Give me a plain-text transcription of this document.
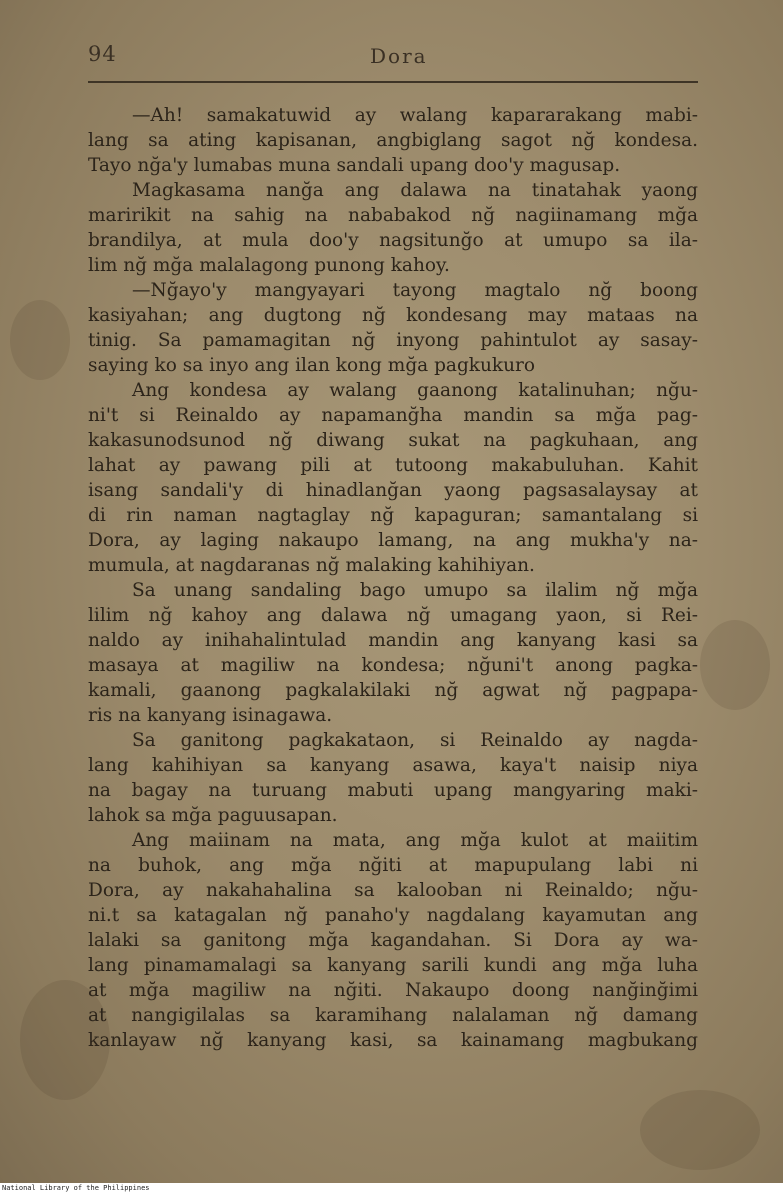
94	Dora
—Ah! samakatuwid ay walang kapararakang mabi-
lang sa ating kapisanan, angbiglang sagot nğ kondesa.
Tayo nğa'y lumabas muna sandali upang doo'y magusap.
Magkasama nanğa ang dalawa na tinatahak yaong
maririkit na sahig na nababakod nğ nagiinamang mğa
brandilya, at mula doo'y nagsitunğo at umupo sa ila-
lim nğ mğa malalagong punong kahoy.
—Nğayo'y mangyayari tayong magtalo nğ boong
kasiyahan; ang dugtong nğ kondesang may mataas na
tinig. Sa pamamagitan nğ inyong pahintulot ay sasay-
saying ko sa inyo ang ilan kong mğa pagkukuro
Ang kondesa ay walang gaanong katalinuhan; nğu-
ni't si Reinaldo ay napamanğha mandin sa mğa pag-
kakasunodsunod nğ diwang sukat na pagkuhaan, ang
lahat ay pawang pili at tutoong makabuluhan. Kahit
isang sandali'y di hinadlanğan yaong pagsasalaysay at
di rin naman nagtaglay nğ kapaguran; samantalang si
Dora, ay laging nakaupo lamang, na ang mukha'y na-
mumula, at nagdaranas nğ malaking kahihiyan.
Sa unang sandaling bago umupo sa ilalim nğ mğa
lilim nğ kahoy ang dalawa nğ umagang yaon, si Rei-
naldo ay inihahalintulad mandin ang kanyang kasi sa
masaya at magiliw na kondesa; nğuni't anong pagka-
kamali, gaanong pagkalakilaki nğ agwat nğ pagpapa-
ris na kanyang isinagawa.
Sa ganitong pagkakataon, si Reinaldo ay nagda-
lang kahihiyan sa kanyang asawa, kaya't naisip niya
na bagay na turuang mabuti upang mangyaring maki-
lahok sa mğa paguusapan.
Ang maiinam na mata, ang mğa kulot at maiitim
na buhok, ang mğa nğiti at mapupulang labi ni
Dora, ay nakahahalina sa kalooban ni Reinaldo; nğu-
ni.t sa katagalan nğ panaho'y nagdalang kayamutan ang
lalaki sa ganitong mğa kagandahan. Si Dora ay wa-
lang pinamamalagi sa kanyang sarili kundi ang mğa luha
at mğa magiliw na nğiti. Nakaupo doong nanğinğimi
at nangigilalas sa karamihang nalalaman nğ damang
kanlayaw nğ kanyang kasi, sa kainamang magbukang
National Library of the Philippines
